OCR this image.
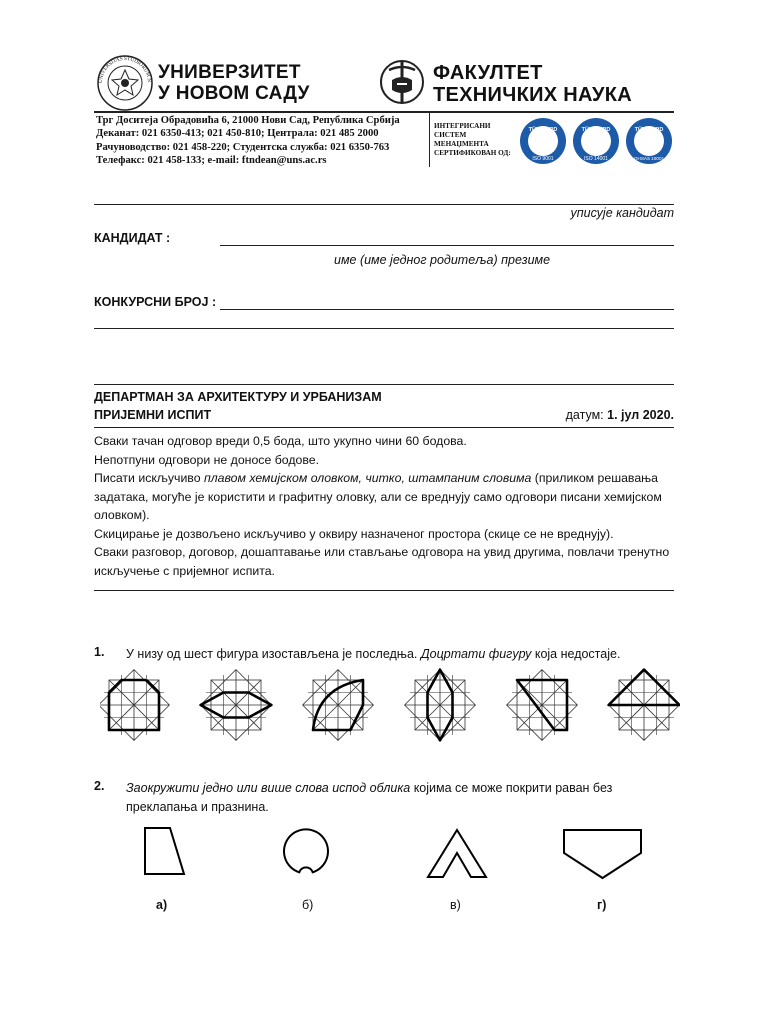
UNIVERSITAS STUDIORUM N УНИВЕРЗИТЕТ
У НОВОМ САДУ
ФАКУЛТЕТ
ТЕХНИЧКИХ НАУКА
Трг Доситеја Обрадовића 6, 21000 Нови Сад, Република Србија
Деканат: 021 6350-413; 021 450-810; Централа: 021 485 2000
Рачуноводство: 021 458-220; Студентска служба: 021 6350-763
Телефакс: 021 458-133; e-mail: ftndean@uns.ac.rs
ИНТЕГРИСАНИ
СИСТЕМ
МЕНАЏМЕНТА
СЕРТИФИКОВАН ОД:
TÜV NORD
ISO 9001
TÜV NORD
ISO 14001
TÜV NORD
OHSAS 18001
уписује кандидат
КАНДИДАТ :
име (име једног родитеља) презиме
КОНКУРСНИ БРОЈ :
ДЕПАРТМАН ЗА АРХИТЕКТУРУ И УРБАНИЗАМ
ПРИЈЕМНИ ИСПИТ	датум: 1. јул 2020.

Сваки тачан одговор вреди 0,5 бода, што укупно чини 60 бодова.

Непотпуни одговори не доносе бодове.

Писати искључиво плавом хемијском оловком, читко, штампаним словима (приликом решавања задатака, могуће је користити и графитну оловку, али се вреднују само одговори писани хемијском оловком).

Скицирање је дозвољено искључиво у оквиру назначеног простора (скице се не вреднују).

Сваки разговор, договор, дошаптавање или стављање одговора на увид другима, повлачи тренутно искључење с пријемног испита.

1. У низу од шест фигура изостављена је последња. Доцртати фигуру која недостаје.
2. Заокружити једно или више слова испод облика којима се може покрити раван без преклапања и празнина.
а)	б)	в)	г)
